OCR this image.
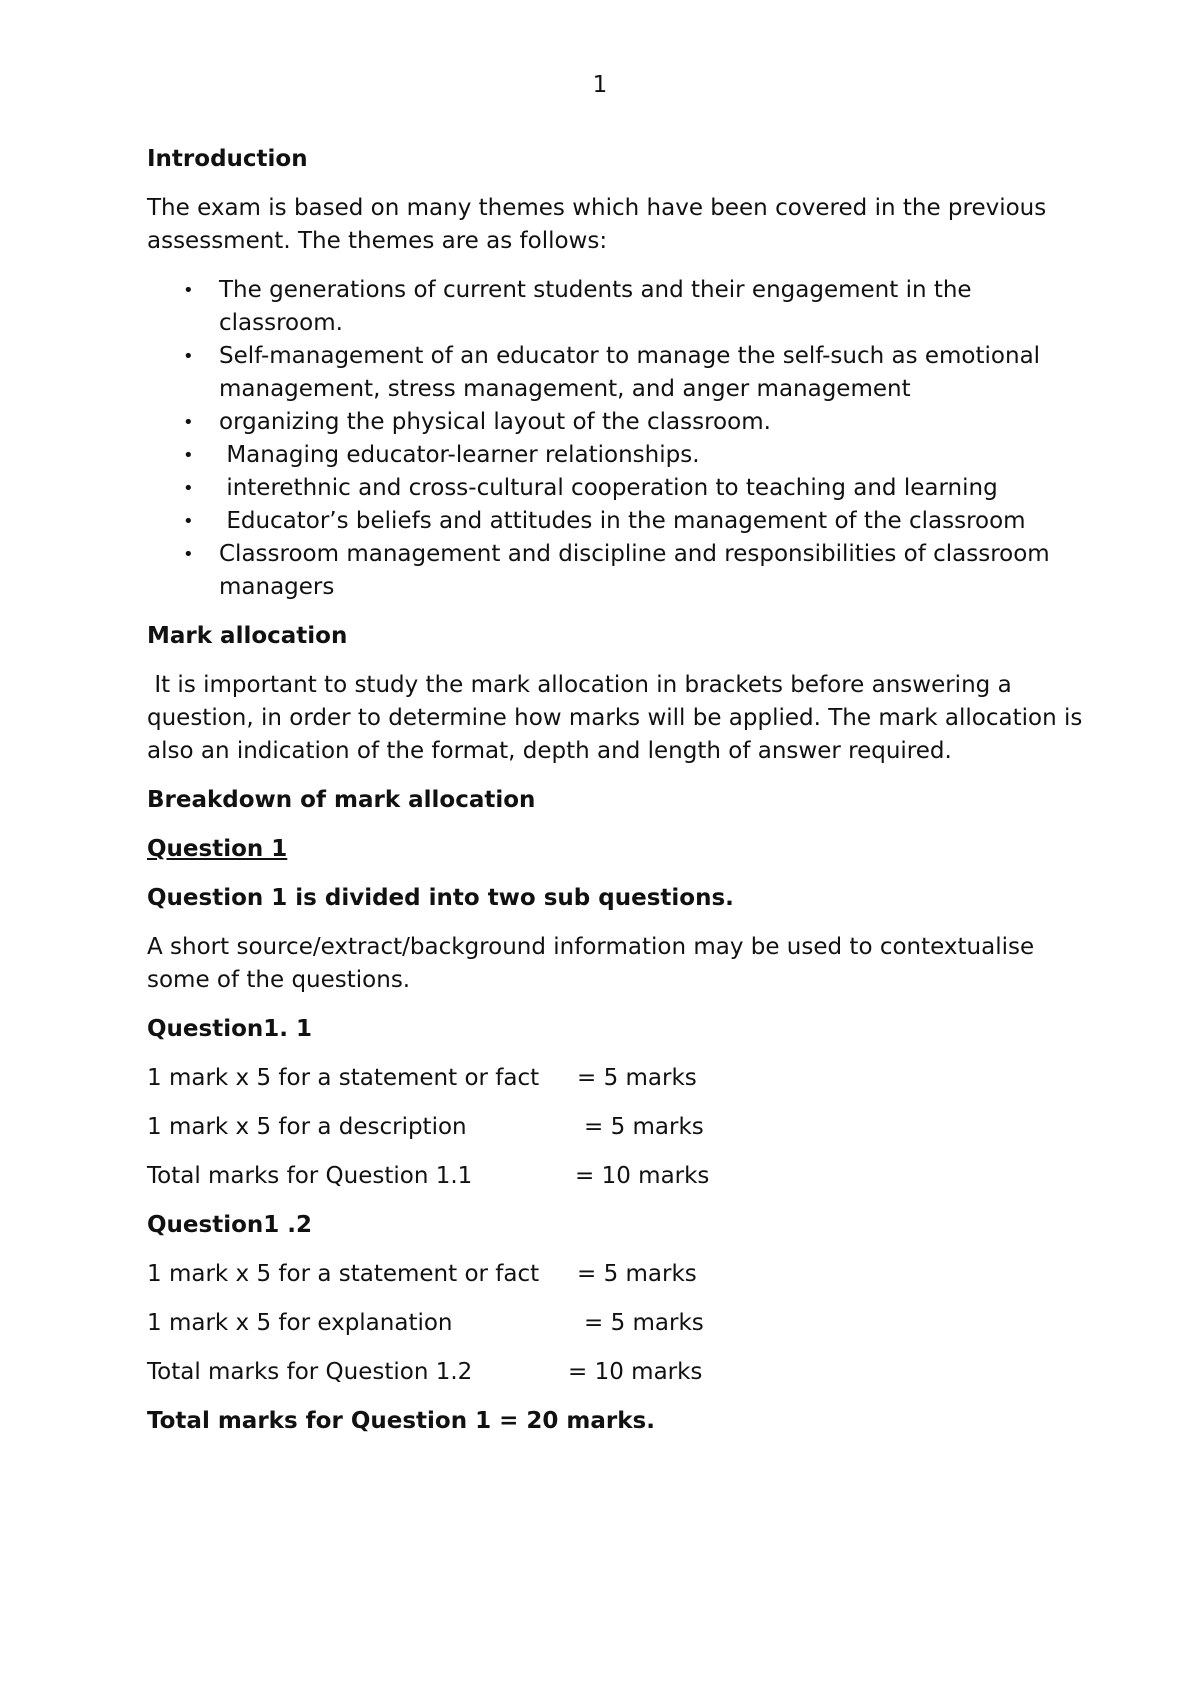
1

Introduction

The exam is based on many themes which have been covered in the previous assessment. The themes are as follows:

• The generations of current students and their engagement in the classroom.
• Self-management of an educator to manage the self-such as emotional management, stress management, and anger management
• organizing the physical layout of the classroom.
• Managing educator-learner relationships.
• interethnic and cross-cultural cooperation to teaching and learning
• Educator’s beliefs and attitudes in the management of the classroom
• Classroom management and discipline and responsibilities of classroom managers

Mark allocation

It is important to study the mark allocation in brackets before answering a question, in order to determine how marks will be applied. The mark allocation is also an indication of the format, depth and length of answer required.

Breakdown of mark allocation

Question 1

Question 1 is divided into two sub questions.

A short source/extract/background information may be used to contextualise some of the questions.

Question1. 1

1 mark x 5 for a statement or fact	= 5 marks
1 mark x 5 for a description	= 5 marks
Total marks for Question 1.1	= 10 marks

Question1 .2

1 mark x 5 for a statement or fact	= 5 marks
1 mark x 5 for explanation	= 5 marks
Total marks for Question 1.2	= 10 marks

Total marks for Question 1 = 20 marks.
